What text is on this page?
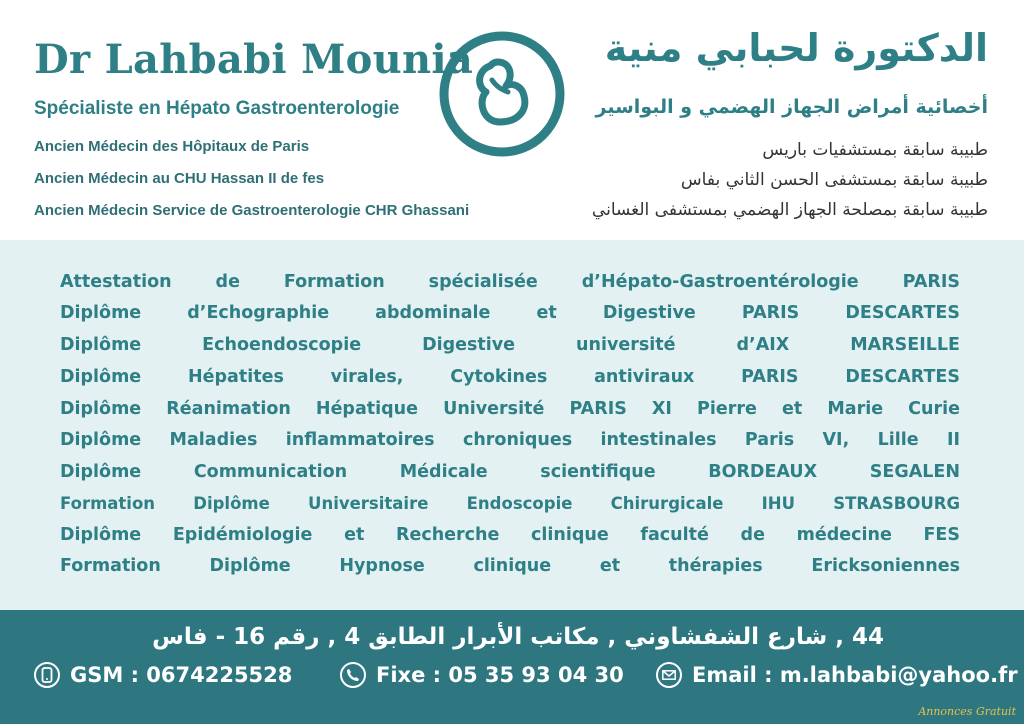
Dr Lahbabi Mounia
Spécialiste en Hépato Gastroenterologie
Ancien Médecin des Hôpitaux de Paris
Ancien Médecin au CHU Hassan II de fes
Ancien Médecin Service de Gastroenterologie CHR Ghassani
الدكتورة لحبابي منية
أخصائية أمراض الجهاز الهضمي و البواسير
طبيبة سابقة بمستشفيات باريس
طبيبة سابقة بمستشفى الحسن الثاني بفاس
طبيبة سابقة بمصلحة الجهاز الهضمي بمستشفى الغساني
Attestation de Formation spécialisée d’Hépato-Gastroentérologie PARIS
Diplôme d’Echographie abdominale et Digestive PARIS DESCARTES
Diplôme Echoendoscopie Digestive université d’AIX MARSEILLE
Diplôme Hépatites virales, Cytokines antiviraux PARIS DESCARTES
Diplôme Réanimation Hépatique Université PARIS XI Pierre et Marie Curie
Diplôme Maladies inflammatoires chroniques intestinales Paris VI, Lille II
Diplôme Communication Médicale scientifique BORDEAUX SEGALEN
Formation Diplôme Universitaire Endoscopie Chirurgicale IHU STRASBOURG
Diplôme Epidémiologie et Recherche clinique faculté de médecine FES
Formation Diplôme Hypnose clinique et thérapies Ericksoniennes
44 , شارع الشفشاوني , مكاتب الأبرار الطابق 4 , رقم 16 - فاس
GSM : 0674225528	Fixe : 05 35 93 04 30	Email : m.lahbabi@yahoo.fr
Annonces Gratuit
